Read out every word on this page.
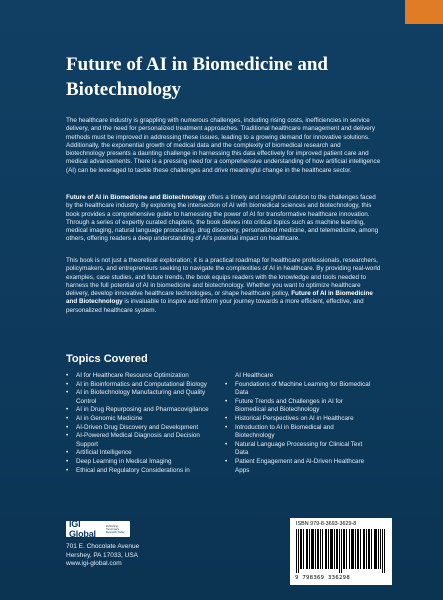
Future of AI in Biomedicine and Biotechnology

The healthcare industry is grappling with numerous challenges, including rising costs, inefficiencies in service delivery, and the need for personalized treatment approaches. Traditional healthcare management and delivery methods must be improved in addressing these issues, leading to a growing demand for innovative solutions. Additionally, the exponential growth of medical data and the complexity of biomedical research and biotechnology presents a daunting challenge in harnessing this data effectively for improved patient care and medical advancements. There is a pressing need for a comprehensive understanding of how artificial intelligence (AI) can be leveraged to tackle these challenges and drive meaningful change in the healthcare sector.

Future of AI in Biomedicine and Biotechnology offers a timely and insightful solution to the challenges faced by the healthcare industry. By exploring the intersection of AI with biomedical sciences and biotechnology, this book provides a comprehensive guide to harnessing the power of AI for transformative healthcare innovation. Through a series of expertly curated chapters, the book delves into critical topics such as machine learning, medical imaging, natural language processing, drug discovery, personalized medicine, and telemedicine, among others, offering readers a deep understanding of AI's potential impact on healthcare.

This book is not just a theoretical exploration; it is a practical roadmap for healthcare professionals, researchers, policymakers, and entrepreneurs seeking to navigate the complexities of AI in healthcare. By providing real-world examples, case studies, and future trends, the book equips readers with the knowledge and tools needed to harness the full potential of AI in biomedicine and biotechnology. Whether you want to optimize healthcare delivery, develop innovative healthcare technologies, or shape healthcare policy, Future of AI in Biomedicine and Biotechnology is invaluable to inspire and inform your journey towards a more efficient, effective, and personalized healthcare system.

Topics Covered
• AI for Healthcare Resource Optimization
• AI in Bioinformatics and Computational Biology
• AI in Biotechnology Manufacturing and Quality Control
• AI in Drug Repurposing and Pharmacovigilance
• AI in Genomic Medicine
• AI-Driven Drug Discovery and Development
• AI-Powered Medical Diagnosis and Decision Support
• Artificial Intelligence
• Deep Learning in Medical Imaging
• Ethical and Regulatory Considerations in
AI Healthcare
• Foundations of Machine Learning for Biomedical Data
• Future Trends and Challenges in AI for Biomedical and Biotechnology
• Historical Perspectives on AI in Healthcare
• Introduction to AI in Biomedical and Biotechnology
• Natural Language Processing for Clinical Text Data
• Patient Engagement and AI-Driven Healthcare Apps
IGI Global
Publishing Tomorrow's Research Today
701 E. Chocolate Avenue
Hershey, PA 17033, USA
www.igi-global.com
ISBN 979-8-3693-3629-8
9 798369 336298
